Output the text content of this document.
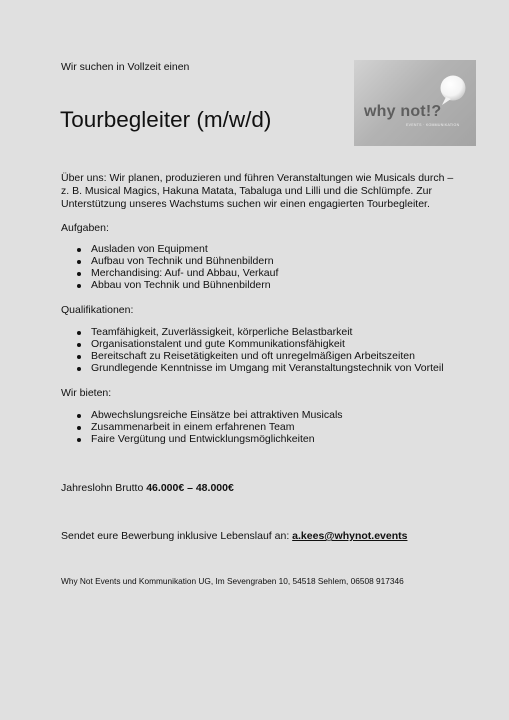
Wir suchen in Vollzeit einen
why not!?
EVENTS · KOMMUNIKATION
Tourbegleiter (m/w/d)

Über uns: Wir planen, produzieren und führen Veranstaltungen wie Musicals durch – z. B. Musical Magics, Hakuna Matata, Tabaluga und Lilli und die Schlümpfe. Zur Unterstützung unseres Wachstums suchen wir einen engagierten Tourbegleiter.

Aufgaben:

Ausladen von Equipment
Aufbau von Technik und Bühnenbildern
Merchandising: Auf- und Abbau, Verkauf
Abbau von Technik und Bühnenbildern

Qualifikationen:

Teamfähigkeit, Zuverlässigkeit, körperliche Belastbarkeit
Organisationstalent und gute Kommunikationsfähigkeit
Bereitschaft zu Reisetätigkeiten und oft unregelmäßigen Arbeitszeiten
Grundlegende Kenntnisse im Umgang mit Veranstaltungstechnik von Vorteil

Wir bieten:

Abwechslungsreiche Einsätze bei attraktiven Musicals
Zusammenarbeit in einem erfahrenen Team
Faire Vergütung und Entwicklungsmöglichkeiten
Jahreslohn Brutto 46.000€ – 48.000€
Sendet eure Bewerbung inklusive Lebenslauf an: a.kees@whynot.events
Why Not Events und Kommunikation UG, Im Sevengraben 10, 54518 Sehlem, 06508 917346
